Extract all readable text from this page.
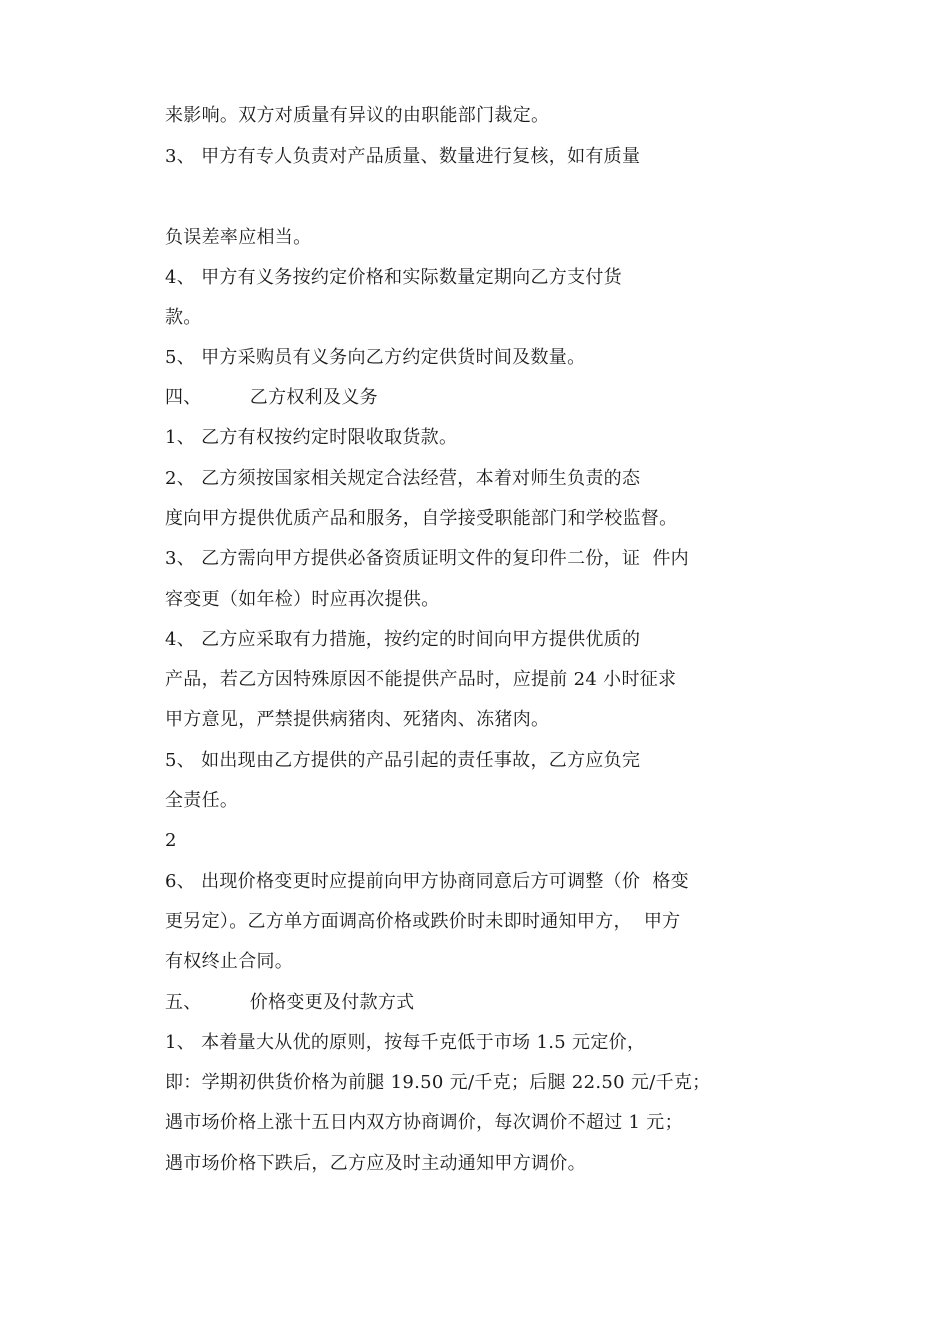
来影响。双方对质量有异议的由职能部门裁定。
3、 甲方有专人负责对产品质量、数量进行复核，如有质量
负误差率应相当。
4、 甲方有义务按约定价格和实际数量定期向乙方支付货
款。
5、 甲方采购员有义务向乙方约定供货时间及数量。
四、        乙方权利及义务
1、 乙方有权按约定时限收取货款。
2、 乙方须按国家相关规定合法经营，本着对师生负责的态
度向甲方提供优质产品和服务，自学接受职能部门和学校监督。
3、 乙方需向甲方提供必备资质证明文件的复印件二份，证  件内
容变更（如年检）时应再次提供。
4、 乙方应采取有力措施，按约定的时间向甲方提供优质的
产品，若乙方因特殊原因不能提供产品时，应提前 24 小时征求
甲方意见，严禁提供病猪肉、死猪肉、冻猪肉。
5、 如出现由乙方提供的产品引起的责任事故，乙方应负完
全责任。
2
6、 出现价格变更时应提前向甲方协商同意后方可调整（价  格变
更另定）。乙方单方面调高价格或跌价时未即时通知甲方，  甲方
有权终止合同。
五、        价格变更及付款方式
1、 本着量大从优的原则，按每千克低于市场 1.5 元定价，
即：学期初供货价格为前腿 19.50 元/千克；后腿 22.50 元/千克；
遇市场价格上涨十五日内双方协商调价，每次调价不超过 1 元；
遇市场价格下跌后，乙方应及时主动通知甲方调价。
